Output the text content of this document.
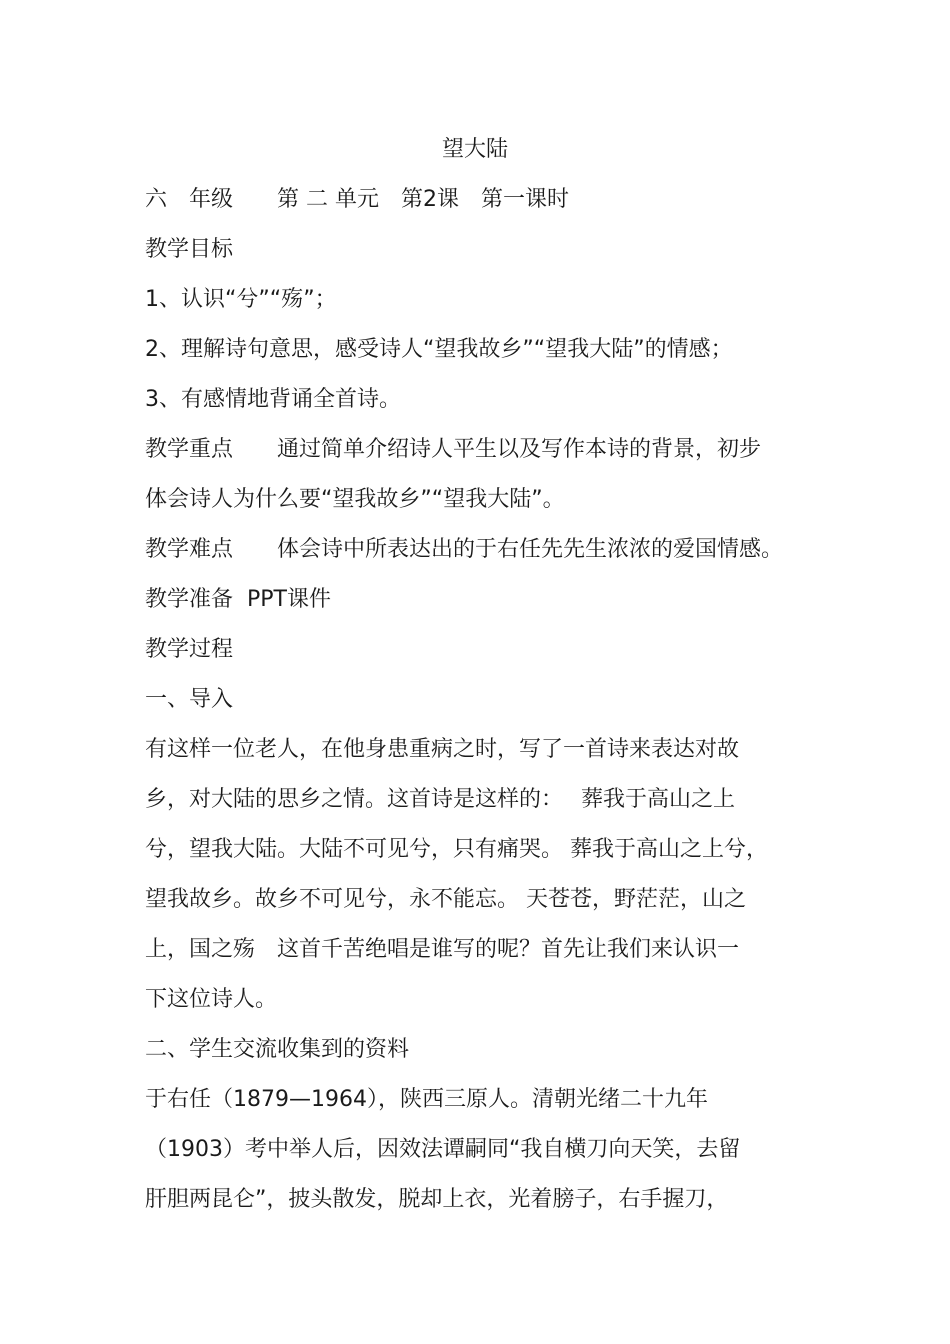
望大陆
六　年级　　第 二 单元　第2课　第一课时
教学目标
1、认识“兮”“殇”；
2、理解诗句意思，感受诗人“望我故乡”“望我大陆”的情感；
3、有感情地背诵全首诗。
教学重点　　通过简单介绍诗人平生以及写作本诗的背景，初步
体会诗人为什么要“望我故乡”“望我大陆”。
教学难点　　体会诗中所表达出的于右任先先生浓浓的爱国情感。
教学准备  PPT课件
教学过程
一、导入
有这样一位老人，在他身患重病之时，写了一首诗来表达对故
乡，对大陆的思乡之情。这首诗是这样的：　 葬我于高山之上
兮，望我大陆。大陆不可见兮，只有痛哭。 葬我于高山之上兮，
望我故乡。故乡不可见兮，永不能忘。 天苍苍，野茫茫，山之
上，国之殇　这首千苦绝唱是谁写的呢？首先让我们来认识一
下这位诗人。
二、学生交流收集到的资料
于右任（1879—1964），陕西三原人。清朝光绪二十九年
（1903）考中举人后，因效法谭嗣同“我自横刀向天笑，去留
肝胆两昆仑”，披头散发，脱却上衣，光着膀子，右手握刀，
